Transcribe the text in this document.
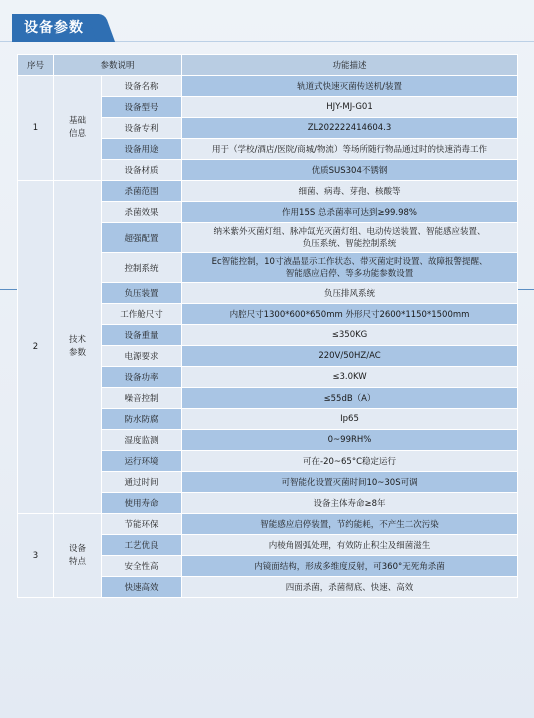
设备参数
序号	参数说明		功能描述
1	基础信息	设备名称	轨道式快速灭菌传送机/装置
		设备型号	HJY-MJ-G01
		设备专利	ZL202222414604.3
		设备用途	用于（学校/酒店/医院/商城/物流）等场所随行物品通过时的快速消毒工作
		设备材质	优质SUS304不锈钢
2	技术参数	杀菌范围	细菌、病毒、芽孢、核酸等
		杀菌效果	作用15S 总杀菌率可达到≥99.98%
		超强配置	纳米紫外灭菌灯组、脉冲氙光灭菌灯组、电动传送装置、智能感应装置、负压系统、智能控制系统
		控制系统	Ec智能控制，10寸液晶显示工作状态、带灭菌定时设置、故障报警提醒、智能感应启停、等多功能参数设置
		负压装置	负压排风系统
		工作舱尺寸	内腔尺寸1300*600*650mm 外形尺寸2600*1150*1500mm
		设备重量	≤350KG
		电源要求	220V/50HZ/AC
		设备功率	≤3.0KW
		噪音控制	≤55dB（A）
		防水防腐	Ip65
		湿度监测	0~99RH%
		运行环境	可在-20~65°C稳定运行
		通过时间	可智能化设置灭菌时间10~30S可调
		使用寿命	设备主体寿命≥8年
3	设备特点	节能环保	智能感应启停装置，节约能耗，不产生二次污染
		工艺优良	内棱角圆弧处理，有效防止积尘及细菌滋生
		安全性高	内镜面结构，形成多维度反射，可360°无死角杀菌
		快速高效	四面杀菌，杀菌彻底、快速、高效
